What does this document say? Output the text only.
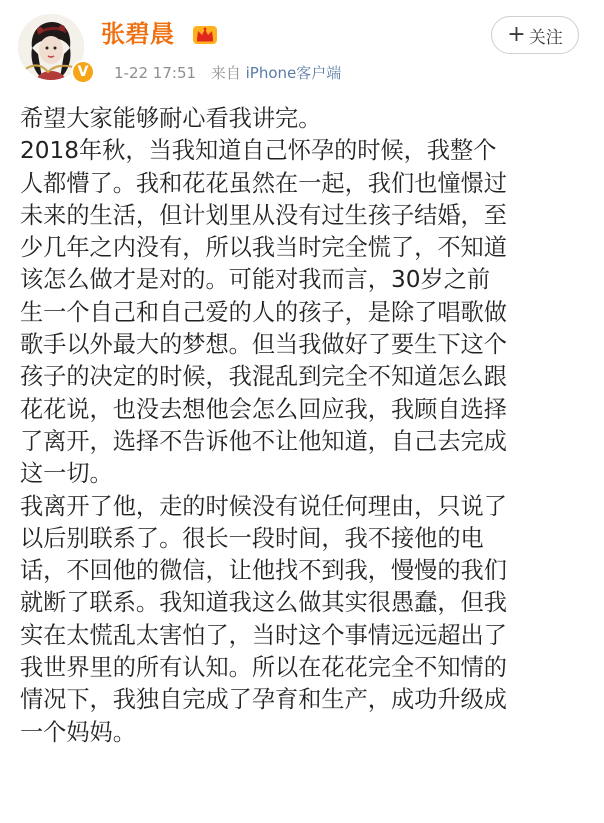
V
张碧晨
1-22 17:51 来自 iPhone客户端
+ 关注
希望大家能够耐心看我讲完。
2018年秋，当我知道自己怀孕的时候，我整个
人都懵了。我和花花虽然在一起，我们也憧憬过
未来的生活，但计划里从没有过生孩子结婚，至
少几年之内没有，所以我当时完全慌了，不知道
该怎么做才是对的。可能对我而言，30岁之前
生一个自己和自己爱的人的孩子，是除了唱歌做
歌手以外最大的梦想。但当我做好了要生下这个
孩子的决定的时候，我混乱到完全不知道怎么跟
花花说，也没去想他会怎么回应我，我顾自选择
了离开，选择不告诉他不让他知道，自己去完成
这一切。
我离开了他，走的时候没有说任何理由，只说了
以后别联系了。很长一段时间，我不接他的电
话，不回他的微信，让他找不到我，慢慢的我们
就断了联系。我知道我这么做其实很愚蠢，但我
实在太慌乱太害怕了，当时这个事情远远超出了
我世界里的所有认知。所以在花花完全不知情的
情况下，我独自完成了孕育和生产，成功升级成
一个妈妈。
